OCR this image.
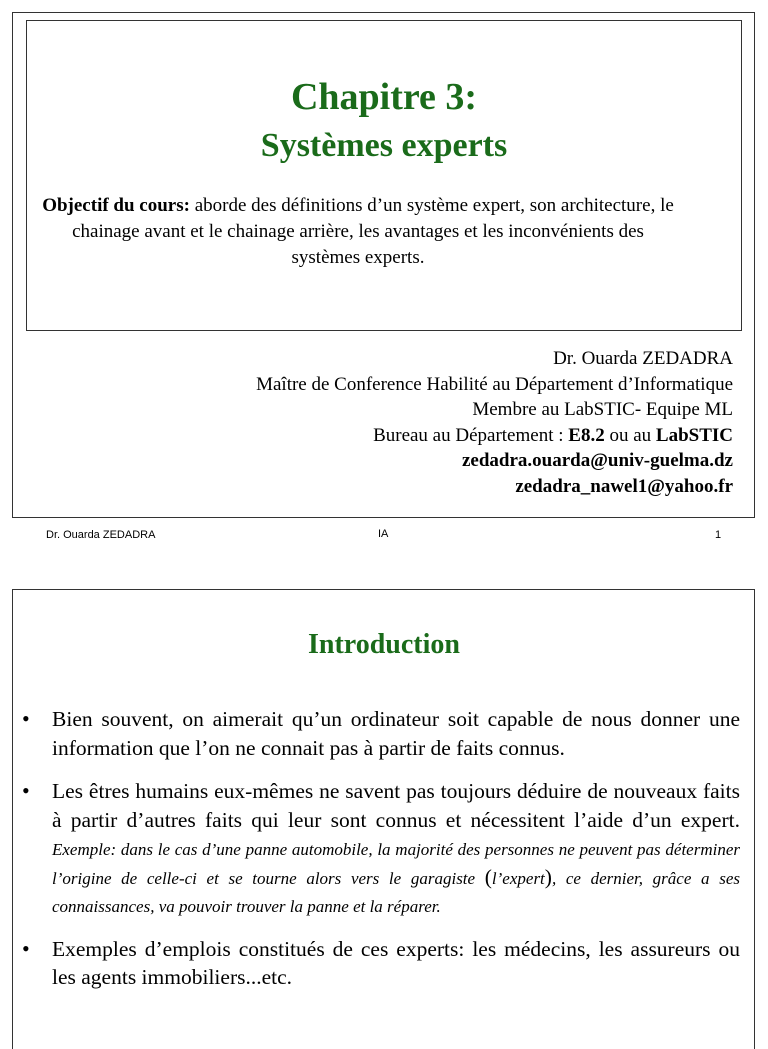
Chapitre 3:
Systèmes experts
Objectif du cours: aborde des définitions d’un système expert, son architecture, le chainage avant et le chainage arrière, les avantages et les inconvénients des systèmes experts.
Dr. Ouarda ZEDADRA
Maître de Conference Habilité au Département d’Informatique
Membre au LabSTIC- Equipe ML
Bureau au Département : E8.2 ou au LabSTIC
zedadra.ouarda@univ-guelma.dz
zedadra_nawel1@yahoo.fr
Dr. Ouarda ZEDADRA	IA	1
Introduction
• Bien souvent, on aimerait qu’un ordinateur soit capable de nous donner une information que l’on ne connait pas à partir de faits connus.
• Les êtres humains eux-mêmes ne savent pas toujours déduire de nouveaux faits à partir d’autres faits qui leur sont connus et nécessitent l’aide d’un expert. Exemple: dans le cas d’une panne automobile, la majorité des personnes ne peuvent pas déterminer l’origine de celle-ci et se tourne alors vers le garagiste (l’expert), ce dernier, grâce a ses connaissances, va pouvoir trouver la panne et la réparer.
• Exemples d’emplois constitués de ces experts: les médecins, les assureurs ou les agents immobiliers...etc.
